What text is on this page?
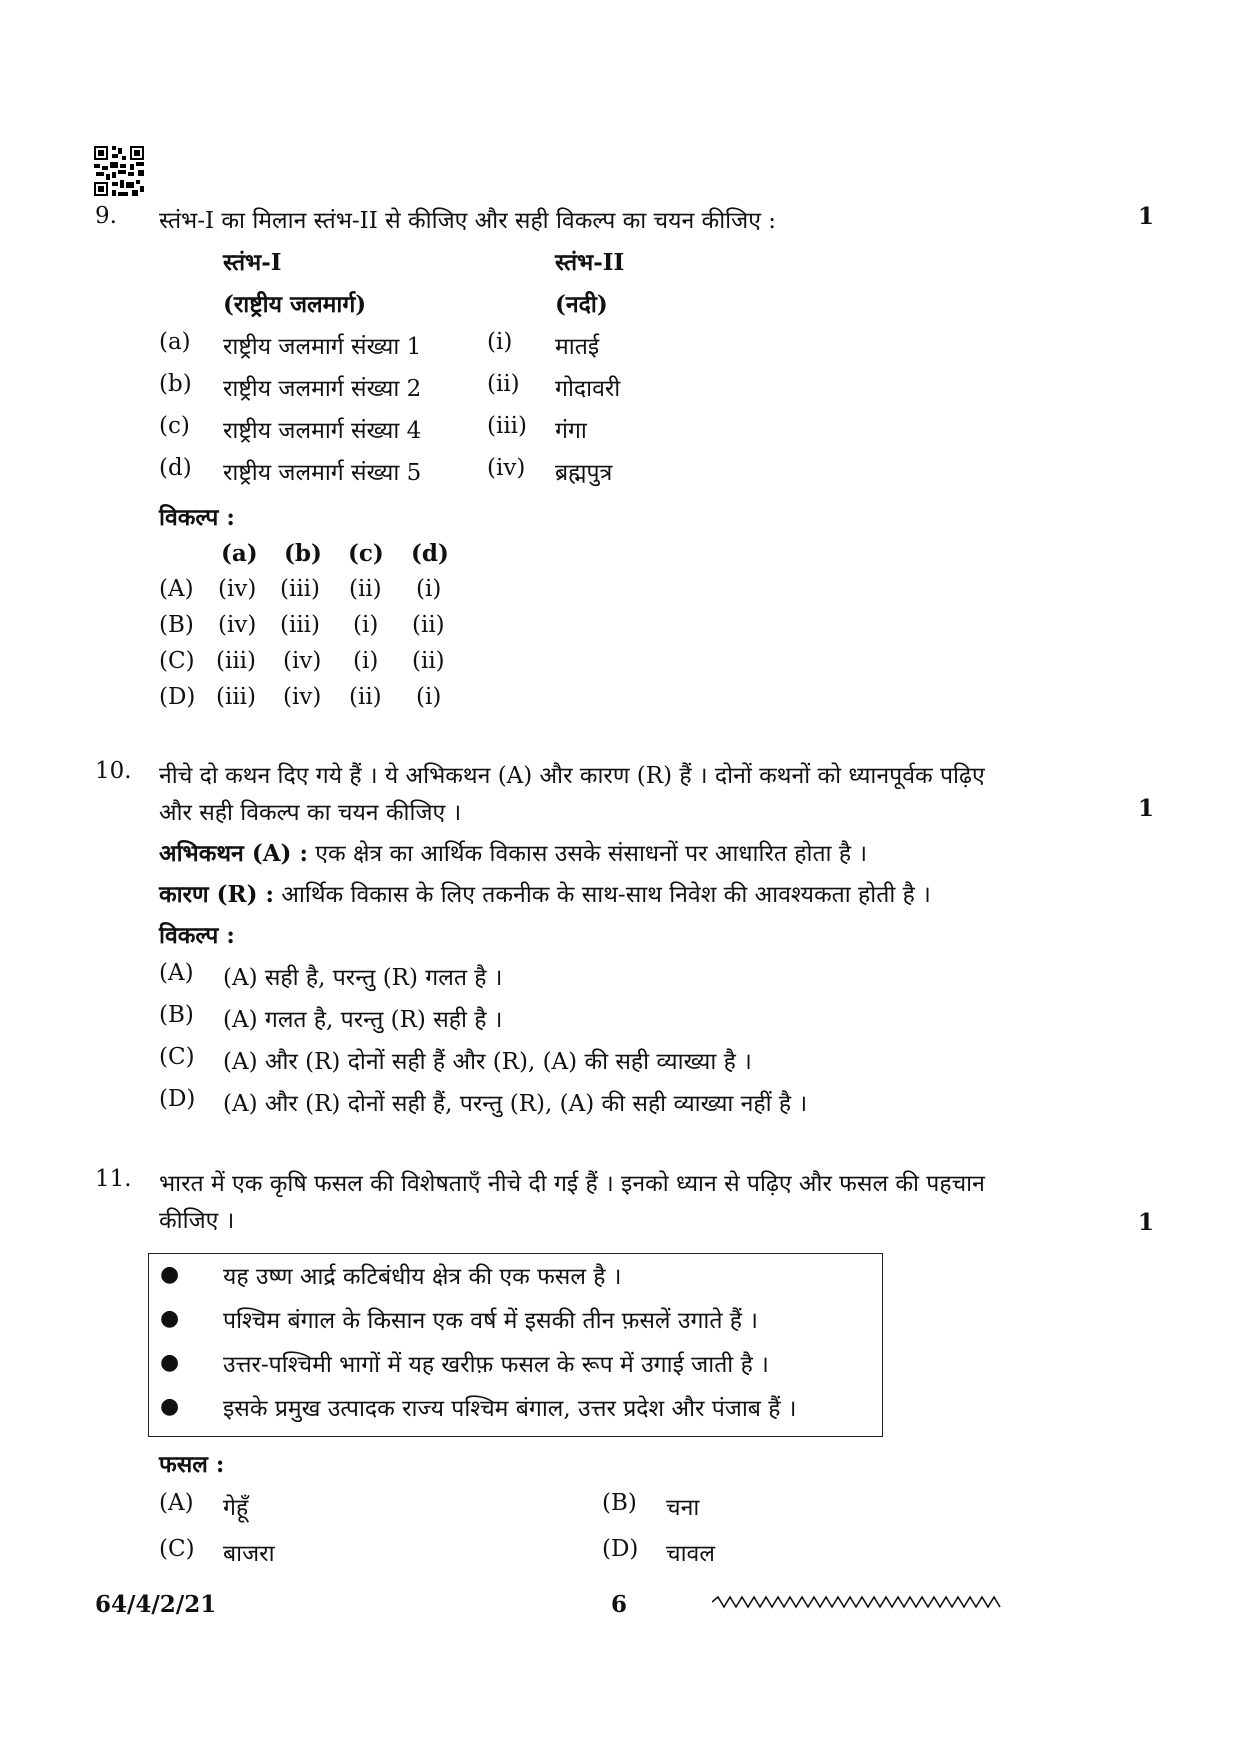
9. स्तंभ-I का मिलान स्तंभ-II से कीजिए और सही विकल्प का चयन कीजिए :	1
स्तंभ-I
(राष्ट्रीय जलमार्ग)
स्तंभ-II
(नदी)
(a) राष्ट्रीय जलमार्ग संख्या 1	(i) मातई
(b) राष्ट्रीय जलमार्ग संख्या 2	(ii) गोदावरी
(c) राष्ट्रीय जलमार्ग संख्या 4	(iii) गंगा
(d) राष्ट्रीय जलमार्ग संख्या 5	(iv) ब्रह्मपुत्र
विकल्प :
(a) (b) (c) (d)
(A) (iv) (iii) (ii) (i)
(B) (iv) (iii) (i) (ii)
(C) (iii) (iv) (i) (ii)
(D) (iii) (iv) (ii) (i)
10. नीचे दो कथन दिए गये हैं । ये अभिकथन (A) और कारण (R) हैं । दोनों कथनों को ध्यानपूर्वक पढ़िए
और सही विकल्प का चयन कीजिए ।	1
अभिकथन (A) : एक क्षेत्र का आर्थिक विकास उसके संसाधनों पर आधारित होता है ।
कारण (R) : आर्थिक विकास के लिए तकनीक के साथ-साथ निवेश की आवश्यकता होती है ।
विकल्प :
(A) (A) सही है, परन्तु (R) गलत है ।
(B) (A) गलत है, परन्तु (R) सही है ।
(C) (A) और (R) दोनों सही हैं और (R), (A) की सही व्याख्या है ।
(D) (A) और (R) दोनों सही हैं, परन्तु (R), (A) की सही व्याख्या नहीं है ।
11. भारत में एक कृषि फसल की विशेषताएँ नीचे दी गई हैं । इनको ध्यान से पढ़िए और फसल की पहचान
कीजिए ।	1
● यह उष्ण आर्द्र कटिबंधीय क्षेत्र की एक फसल है ।
● पश्चिम बंगाल के किसान एक वर्ष में इसकी तीन फ़सलें उगाते हैं ।
● उत्तर-पश्चिमी भागों में यह खरीफ़ फसल के रूप में उगाई जाती है ।
● इसके प्रमुख उत्पादक राज्य पश्चिम बंगाल, उत्तर प्रदेश और पंजाब हैं ।
फसल :
(A) गेहूँ	(B) चना
(C) बाजरा	(D) चावल
64/4/2/21	6
